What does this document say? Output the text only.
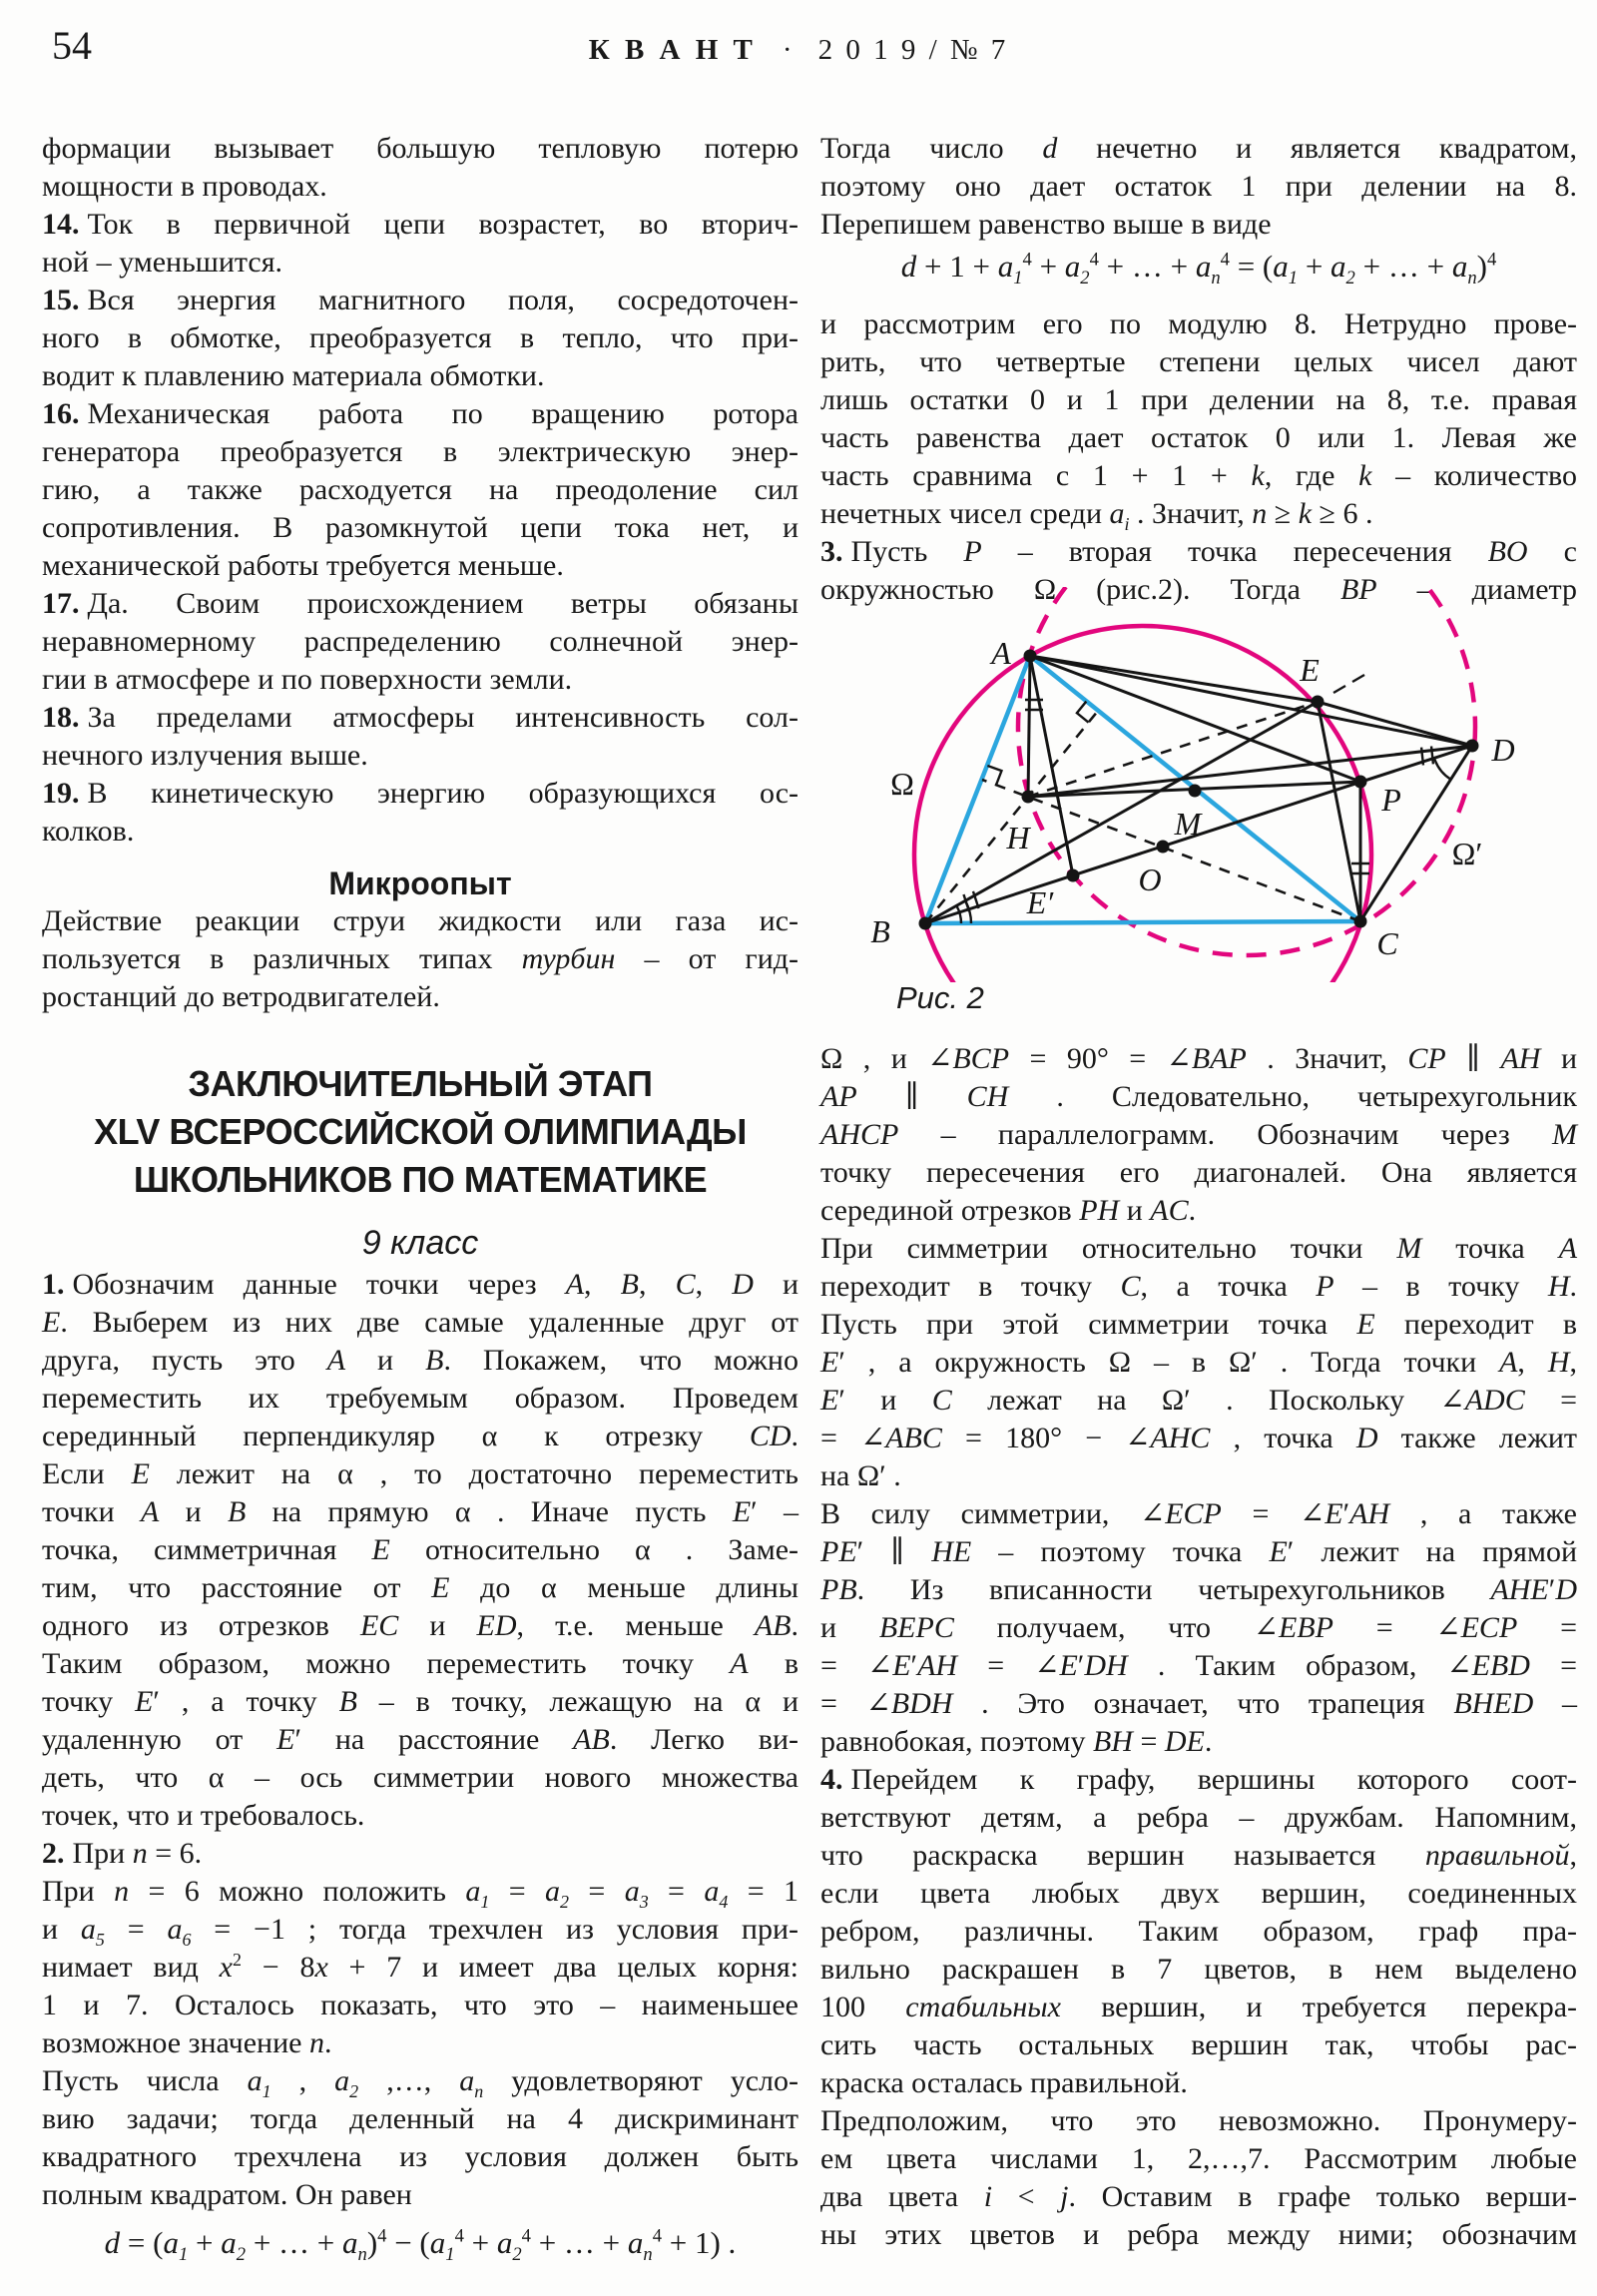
54	К В А Н Т · 2 0 1 9 / № 7
формации вызывает большую тепловую потерю
мощности в проводах.
14. Ток в первичной цепи возрастет, во вторич-
ной – уменьшится.
15. Вся энергия магнитного поля, сосредоточен-
ного в обмотке, преобразуется в тепло, что при-
водит к плавлению материала обмотки.
16. Механическая работа по вращению ротора
генератора преобразуется в электрическую энер-
гию, а также расходуется на преодоление сил
сопротивления. В разомкнутой цепи тока нет, и
механической работы требуется меньше.
17. Да. Своим происхождением ветры обязаны
неравномерному распределению солнечной энер-
гии в атмосфере и по поверхности земли.
18. За пределами атмосферы интенсивность сол-
нечного излучения выше.
19. В кинетическую энергию образующихся ос-
колков.
Микроопыт
Действие реакции струи жидкости или газа ис-
пользуется в различных типах турбин – от гид-
ростанций до ветродвигателей.
ЗАКЛЮЧИТЕЛЬНЫЙ ЭТАП
XLV ВСЕРОССИЙСКОЙ ОЛИМПИАДЫ
ШКОЛЬНИКОВ ПО МАТЕМАТИКЕ
9 класс
1. Обозначим данные точки через A, B, C, D и
E. Выберем из них две самые удаленные друг от
друга, пусть это A и B. Покажем, что можно
переместить их требуемым образом. Проведем
серединный перпендикуляр α к отрезку CD.
Если E лежит на α , то достаточно переместить
точки A и B на прямую α . Иначе пусть E′ –
точка, симметричная E относительно α . Заме-
тим, что расстояние от E до α меньше длины
одного из отрезков EC и ED, т.е. меньше AB.
Таким образом, можно переместить точку A в
точку E′ , а точку B – в точку, лежащую на α и
удаленную от E′ на расстояние AB. Легко ви-
деть, что α – ось симметрии нового множества
точек, что и требовалось.
2. При n = 6.
При n = 6 можно положить $a_1 = a_2 = a_3 = a_4 = 1$
и $a_5 = a_6 = -1$ ; тогда трехчлен из условия при-
нимает вид $x^2 - 8x + 7$ и имеет два целых корня:
1 и 7. Осталось показать, что это – наименьшее
возможное значение n.
Пусть числа $a_1$ , $a_2$ ,…, $a_n$ удовлетворяют усло-
вию задачи; тогда деленный на 4 дискриминант
квадратного трехчлена из условия должен быть
полным квадратом. Он равен
$d = (a_1 + a_2$ + … + $a_n)^4 - (a_1^4 + a_2^4$ + … + $a_n^4 + 1$) .
Тогда число d нечетно и является квадратом,
поэтому оно дает остаток 1 при делении на 8.
Перепишем равенство выше в виде
$d + 1 + a_1^4 + a_2^4$ + … + $a_n^4 = (a_1 + a_2$ + … + $a_n)^4$
и рассмотрим его по модулю 8. Нетрудно прове-
рить, что четвертые степени целых чисел дают
лишь остатки 0 и 1 при делении на 8, т.е. правая
часть равенства дает остаток 0 или 1. Левая же
часть сравнима с 1 + 1 + k, где k – количество
нечетных чисел среди $a_i$ . Значит, n ≥ k ≥ 6 .
3. Пусть P – вторая точка пересечения BO с
окружностью Ω (рис.2). Тогда BP – диаметр
A
B	C
D
E
H	M
O
P
E′
Ω
Ω′
Рис. 2
Ω , и ∠BCP = 90° = ∠BAP . Значит, CP ∥ AH и
AP ∥ CH . Следовательно, четырехугольник
AHCP – параллелограмм. Обозначим через M
точку пересечения его диагоналей. Она является
серединой отрезков PH и AC.
При симметрии относительно точки M точка A
переходит в точку C, а точка P – в точку H.
Пусть при этой симметрии точка E переходит в
E′ , а окружность Ω – в Ω′ . Тогда точки A, H,
E′ и C лежат на Ω′ . Поскольку ∠ADC =
= ∠ABC = 180° − ∠AHC , точка D также лежит
на Ω′ .
В силу симметрии, ∠ECP = ∠E′AH , а также
PE′ ∥ HE – поэтому точка E′ лежит на прямой
PB. Из вписанности четырехугольников AHE′D
и BEPC получаем, что ∠EBP = ∠ECP =
= ∠E′AH = ∠E′DH . Таким образом, ∠EBD =
= ∠BDH . Это означает, что трапеция BHED –
равнобокая, поэтому BH = DE.
4. Перейдем к графу, вершины которого соот-
ветствуют детям, а ребра – дружбам. Напомним,
что раскраска вершин называется правильной,
если цвета любых двух вершин, соединенных
ребром, различны. Таким образом, граф пра-
вильно раскрашен в 7 цветов, в нем выделено
100 стабильных вершин, и требуется перекра-
сить часть остальных вершин так, чтобы рас-
краска осталась правильной.
Предположим, что это невозможно. Пронумеру-
ем цвета числами 1, 2,…,7. Рассмотрим любые
два цвета i < j. Оставим в графе только верши-
ны этих цветов и ребра между ними; обозначим
